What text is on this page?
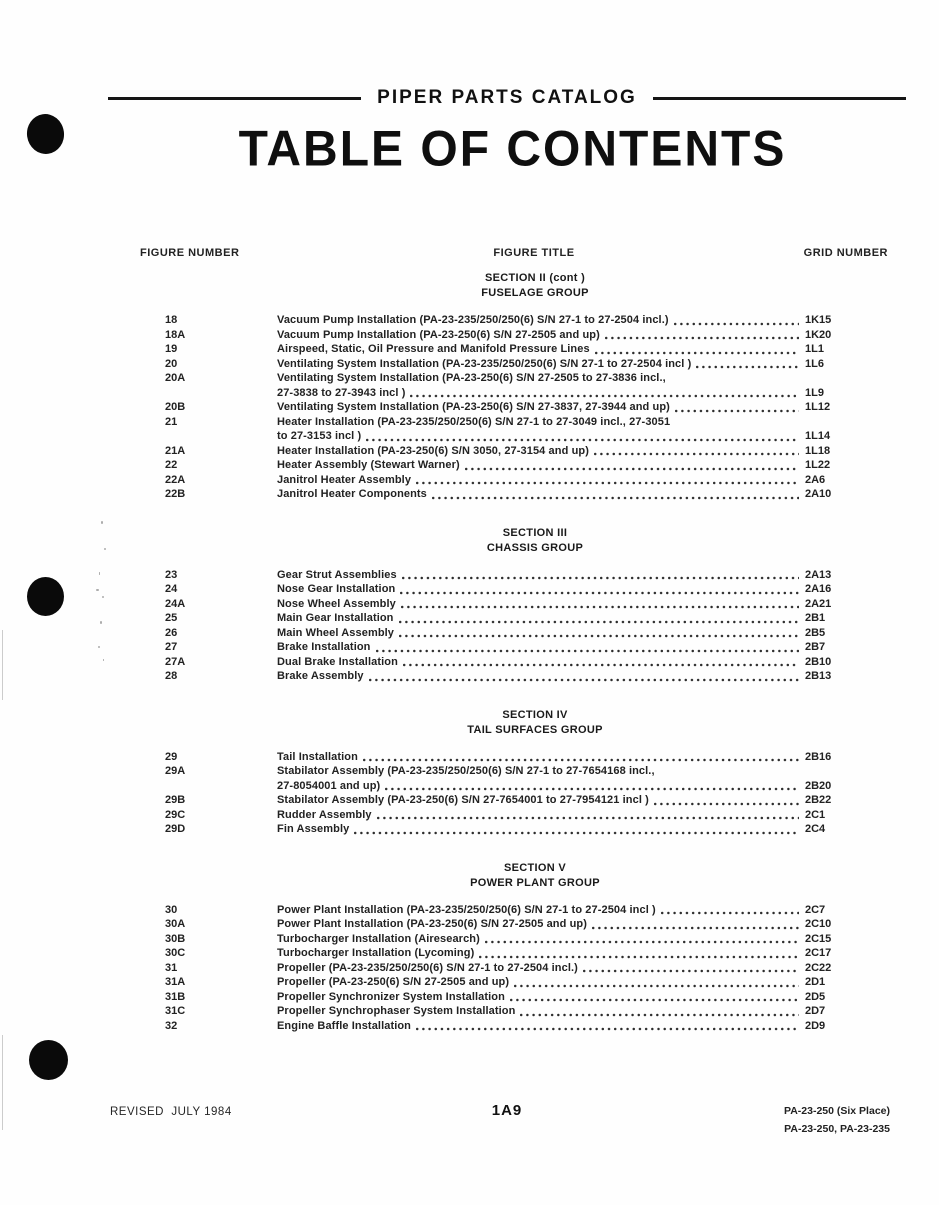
PIPER PARTS CATALOG
TABLE OF CONTENTS
FIGURE NUMBER	FIGURE TITLE	GRID NUMBER
SECTION II (cont )
FUSELAGE GROUP
18	Vacuum Pump Installation (PA-23-235/250/250(6) S/N 27-1 to 27-2504 incl.)	1K15
18A	Vacuum Pump Installation (PA-23-250(6) S/N 27-2505 and up)	1K20
19	Airspeed, Static, Oil Pressure and Manifold Pressure Lines	1L1
20	Ventilating System Installation (PA-23-235/250/250(6) S/N 27-1 to 27-2504 incl )	1L6
20A	Ventilating System Installation (PA-23-250(6) S/N 27-2505 to 27-3836 incl.,
27-3838 to 27-3943 incl )	1L9
20B	Ventilating System Installation (PA-23-250(6) S/N 27-3837, 27-3944 and up)	1L12
21	Heater Installation (PA-23-235/250/250(6) S/N 27-1 to 27-3049 incl., 27-3051
to 27-3153 incl )	1L14
21A	Heater Installation (PA-23-250(6) S/N 3050, 27-3154 and up)	1L18
22	Heater Assembly (Stewart Warner)	1L22
22A	Janitrol Heater Assembly	2A6
22B	Janitrol Heater Components	2A10
SECTION III
CHASSIS GROUP
23	Gear Strut Assemblies	2A13
24	Nose Gear Installation	2A16
24A	Nose Wheel Assembly	2A21
25	Main Gear Installation	2B1
26	Main Wheel Assembly	2B5
27	Brake Installation	2B7
27A	Dual Brake Installation	2B10
28	Brake Assembly	2B13
SECTION IV
TAIL SURFACES GROUP
29	Tail Installation	2B16
29A	Stabilator Assembly (PA-23-235/250/250(6) S/N 27-1 to 27-7654168 incl.,
27-8054001 and up)	2B20
29B	Stabilator Assembly (PA-23-250(6) S/N 27-7654001 to 27-7954121 incl )	2B22
29C	Rudder Assembly	2C1
29D	Fin Assembly	2C4
SECTION V
POWER PLANT GROUP
30	Power Plant Installation (PA-23-235/250/250(6) S/N 27-1 to 27-2504 incl )	2C7
30A	Power Plant Installation (PA-23-250(6) S/N 27-2505 and up)	2C10
30B	Turbocharger Installation (Airesearch)	2C15
30C	Turbocharger Installation (Lycoming)	2C17
31	Propeller (PA-23-235/250/250(6) S/N 27-1 to 27-2504 incl.)	2C22
31A	Propeller (PA-23-250(6) S/N 27-2505 and up)	2D1
31B	Propeller Synchronizer System Installation	2D5
31C	Propeller Synchrophaser System Installation	2D7
32	Engine Baffle Installation	2D9
REVISED  JULY 1984	1A9	PA-23-250 (Six Place)
PA-23-250, PA-23-235
